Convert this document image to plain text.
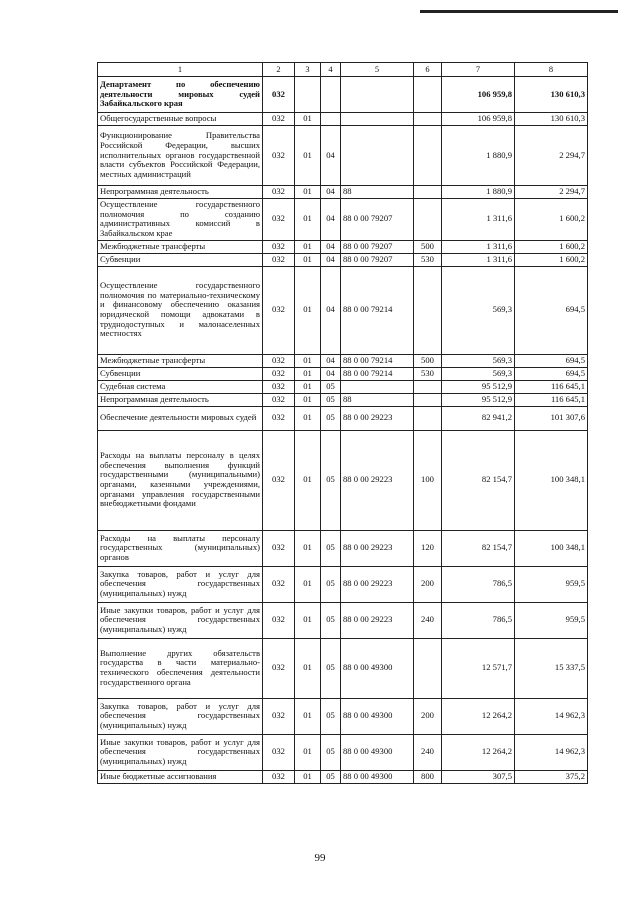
1	2	3	4	5	6	7	8
Департамент по обеспечению деятельности мировых судей Забайкальского края	032					106 959,8	130 610,3
Общегосударственные вопросы	032	01				106 959,8	130 610,3
Функционирование Правительства Российской Федерации, высших исполнительных органов государственной власти субъектов Российской Федерации, местных администраций	032	01	04			1 880,9	2 294,7
Непрограммная деятельность	032	01	04	88		1 880,9	2 294,7
Осуществление государственного полномочия по созданию административных комиссий в Забайкальском крае	032	01	04	88 0 00 79207		1 311,6	1 600,2
Межбюджетные трансферты	032	01	04	88 0 00 79207	500	1 311,6	1 600,2
Субвенции	032	01	04	88 0 00 79207	530	1 311,6	1 600,2
Осуществление государственного полномочия по материально-техническому и финансовому обеспечению оказания юридической помощи адвокатами в труднодоступных и малонаселенных местностях	032	01	04	88 0 00 79214		569,3	694,5
Межбюджетные трансферты	032	01	04	88 0 00 79214	500	569,3	694,5
Субвенции	032	01	04	88 0 00 79214	530	569,3	694,5
Судебная система	032	01	05			95 512,9	116 645,1
Непрограммная деятельность	032	01	05	88		95 512,9	116 645,1
Обеспечение деятельности мировых судей	032	01	05	88 0 00 29223		82 941,2	101 307,6
Расходы на выплаты персоналу в целях обеспечения выполнения функций государственными (муниципальными) органами, казенными учреждениями, органами управления государственными внебюджетными фондами	032	01	05	88 0 00 29223	100	82 154,7	100 348,1
Расходы на выплаты персоналу государственных (муниципальных) органов	032	01	05	88 0 00 29223	120	82 154,7	100 348,1
Закупка товаров, работ и услуг для обеспечения государственных (муниципальных) нужд	032	01	05	88 0 00 29223	200	786,5	959,5
Иные закупки товаров, работ и услуг для обеспечения государственных (муниципальных) нужд	032	01	05	88 0 00 29223	240	786,5	959,5
Выполнение других обязательств государства в части материально-технического обеспечения деятельности государственного органа	032	01	05	88 0 00 49300		12 571,7	15 337,5
Закупка товаров, работ и услуг для обеспечения государственных (муниципальных) нужд	032	01	05	88 0 00 49300	200	12 264,2	14 962,3
Иные закупки товаров, работ и услуг для обеспечения государственных (муниципальных) нужд	032	01	05	88 0 00 49300	240	12 264,2	14 962,3
Иные бюджетные ассигнования	032	01	05	88 0 00 49300	800	307,5	375,2
99
